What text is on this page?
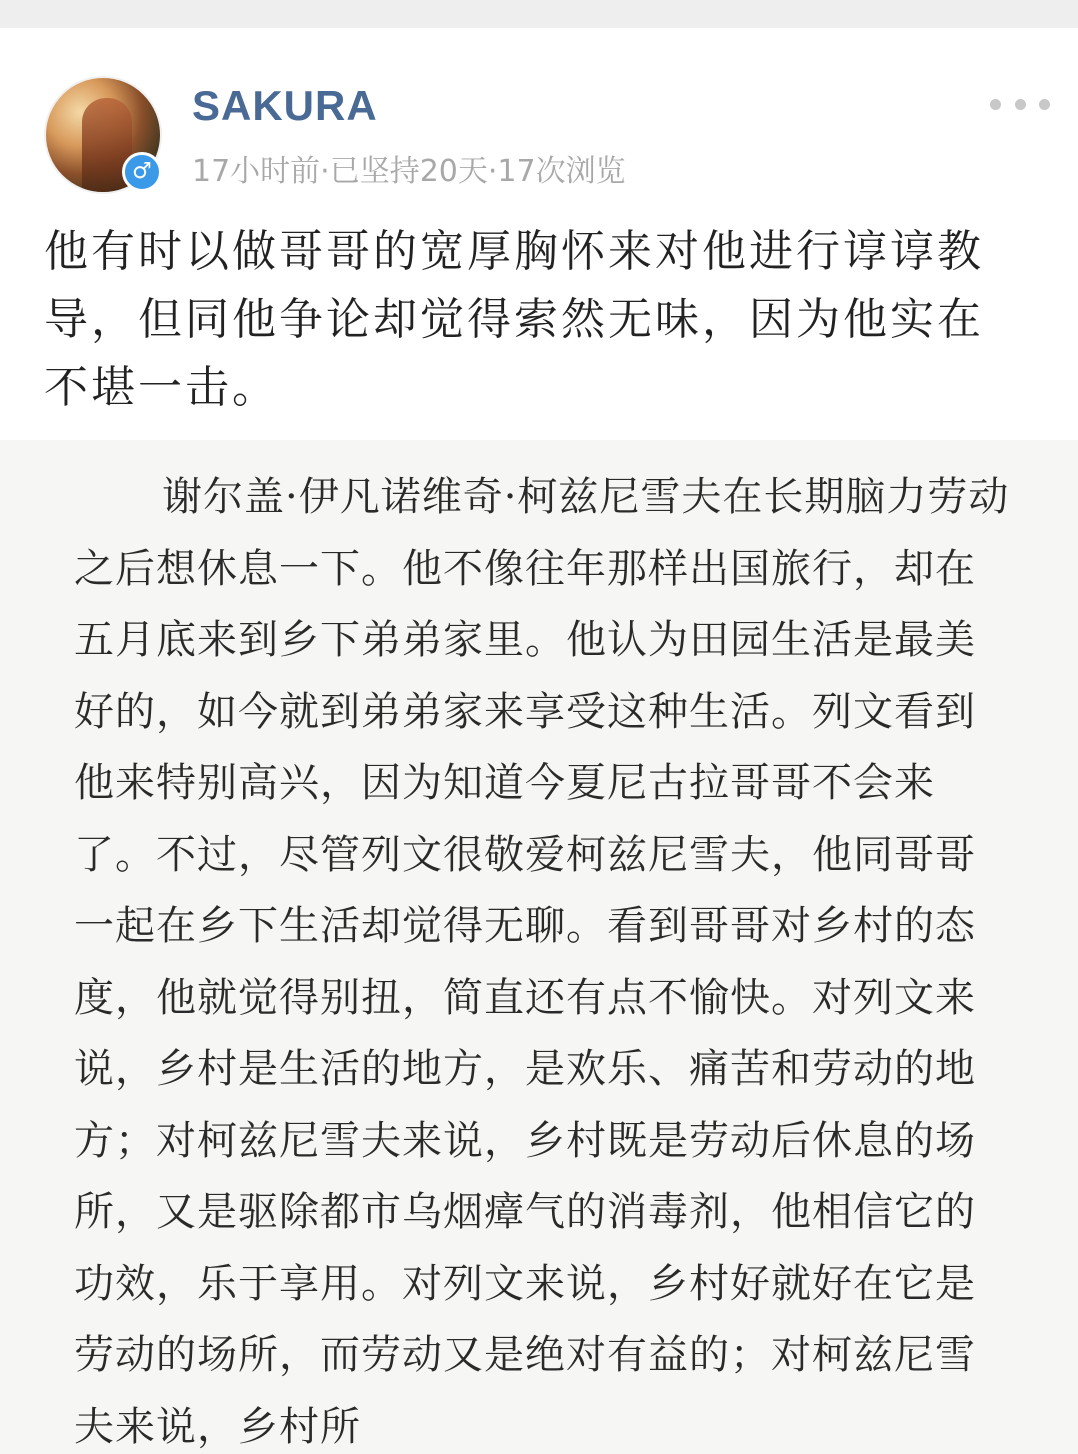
♂
SAKURA
17小时前·已坚持20天·17次浏览
他有时以做哥哥的宽厚胸怀来对他进行谆谆教导，但同他争论却觉得索然无味，因为他实在不堪一击。
谢尔盖·伊凡诺维奇·柯兹尼雪夫在长期脑力劳动之后想休息一下。他不像往年那样出国旅行，却在五月底来到乡下弟弟家里。他认为田园生活是最美好的，如今就到弟弟家来享受这种生活。列文看到他来特别高兴，因为知道今夏尼古拉哥哥不会来了。不过，尽管列文很敬爱柯兹尼雪夫，他同哥哥一起在乡下生活却觉得无聊。看到哥哥对乡村的态度，他就觉得别扭，简直还有点不愉快。对列文来说，乡村是生活的地方，是欢乐、痛苦和劳动的地方；对柯兹尼雪夫来说，乡村既是劳动后休息的场所，又是驱除都市乌烟瘴气的消毒剂，他相信它的功效，乐于享用。对列文来说，乡村好就好在它是劳动的场所，而劳动又是绝对有益的；对柯兹尼雪夫来说，乡村所
